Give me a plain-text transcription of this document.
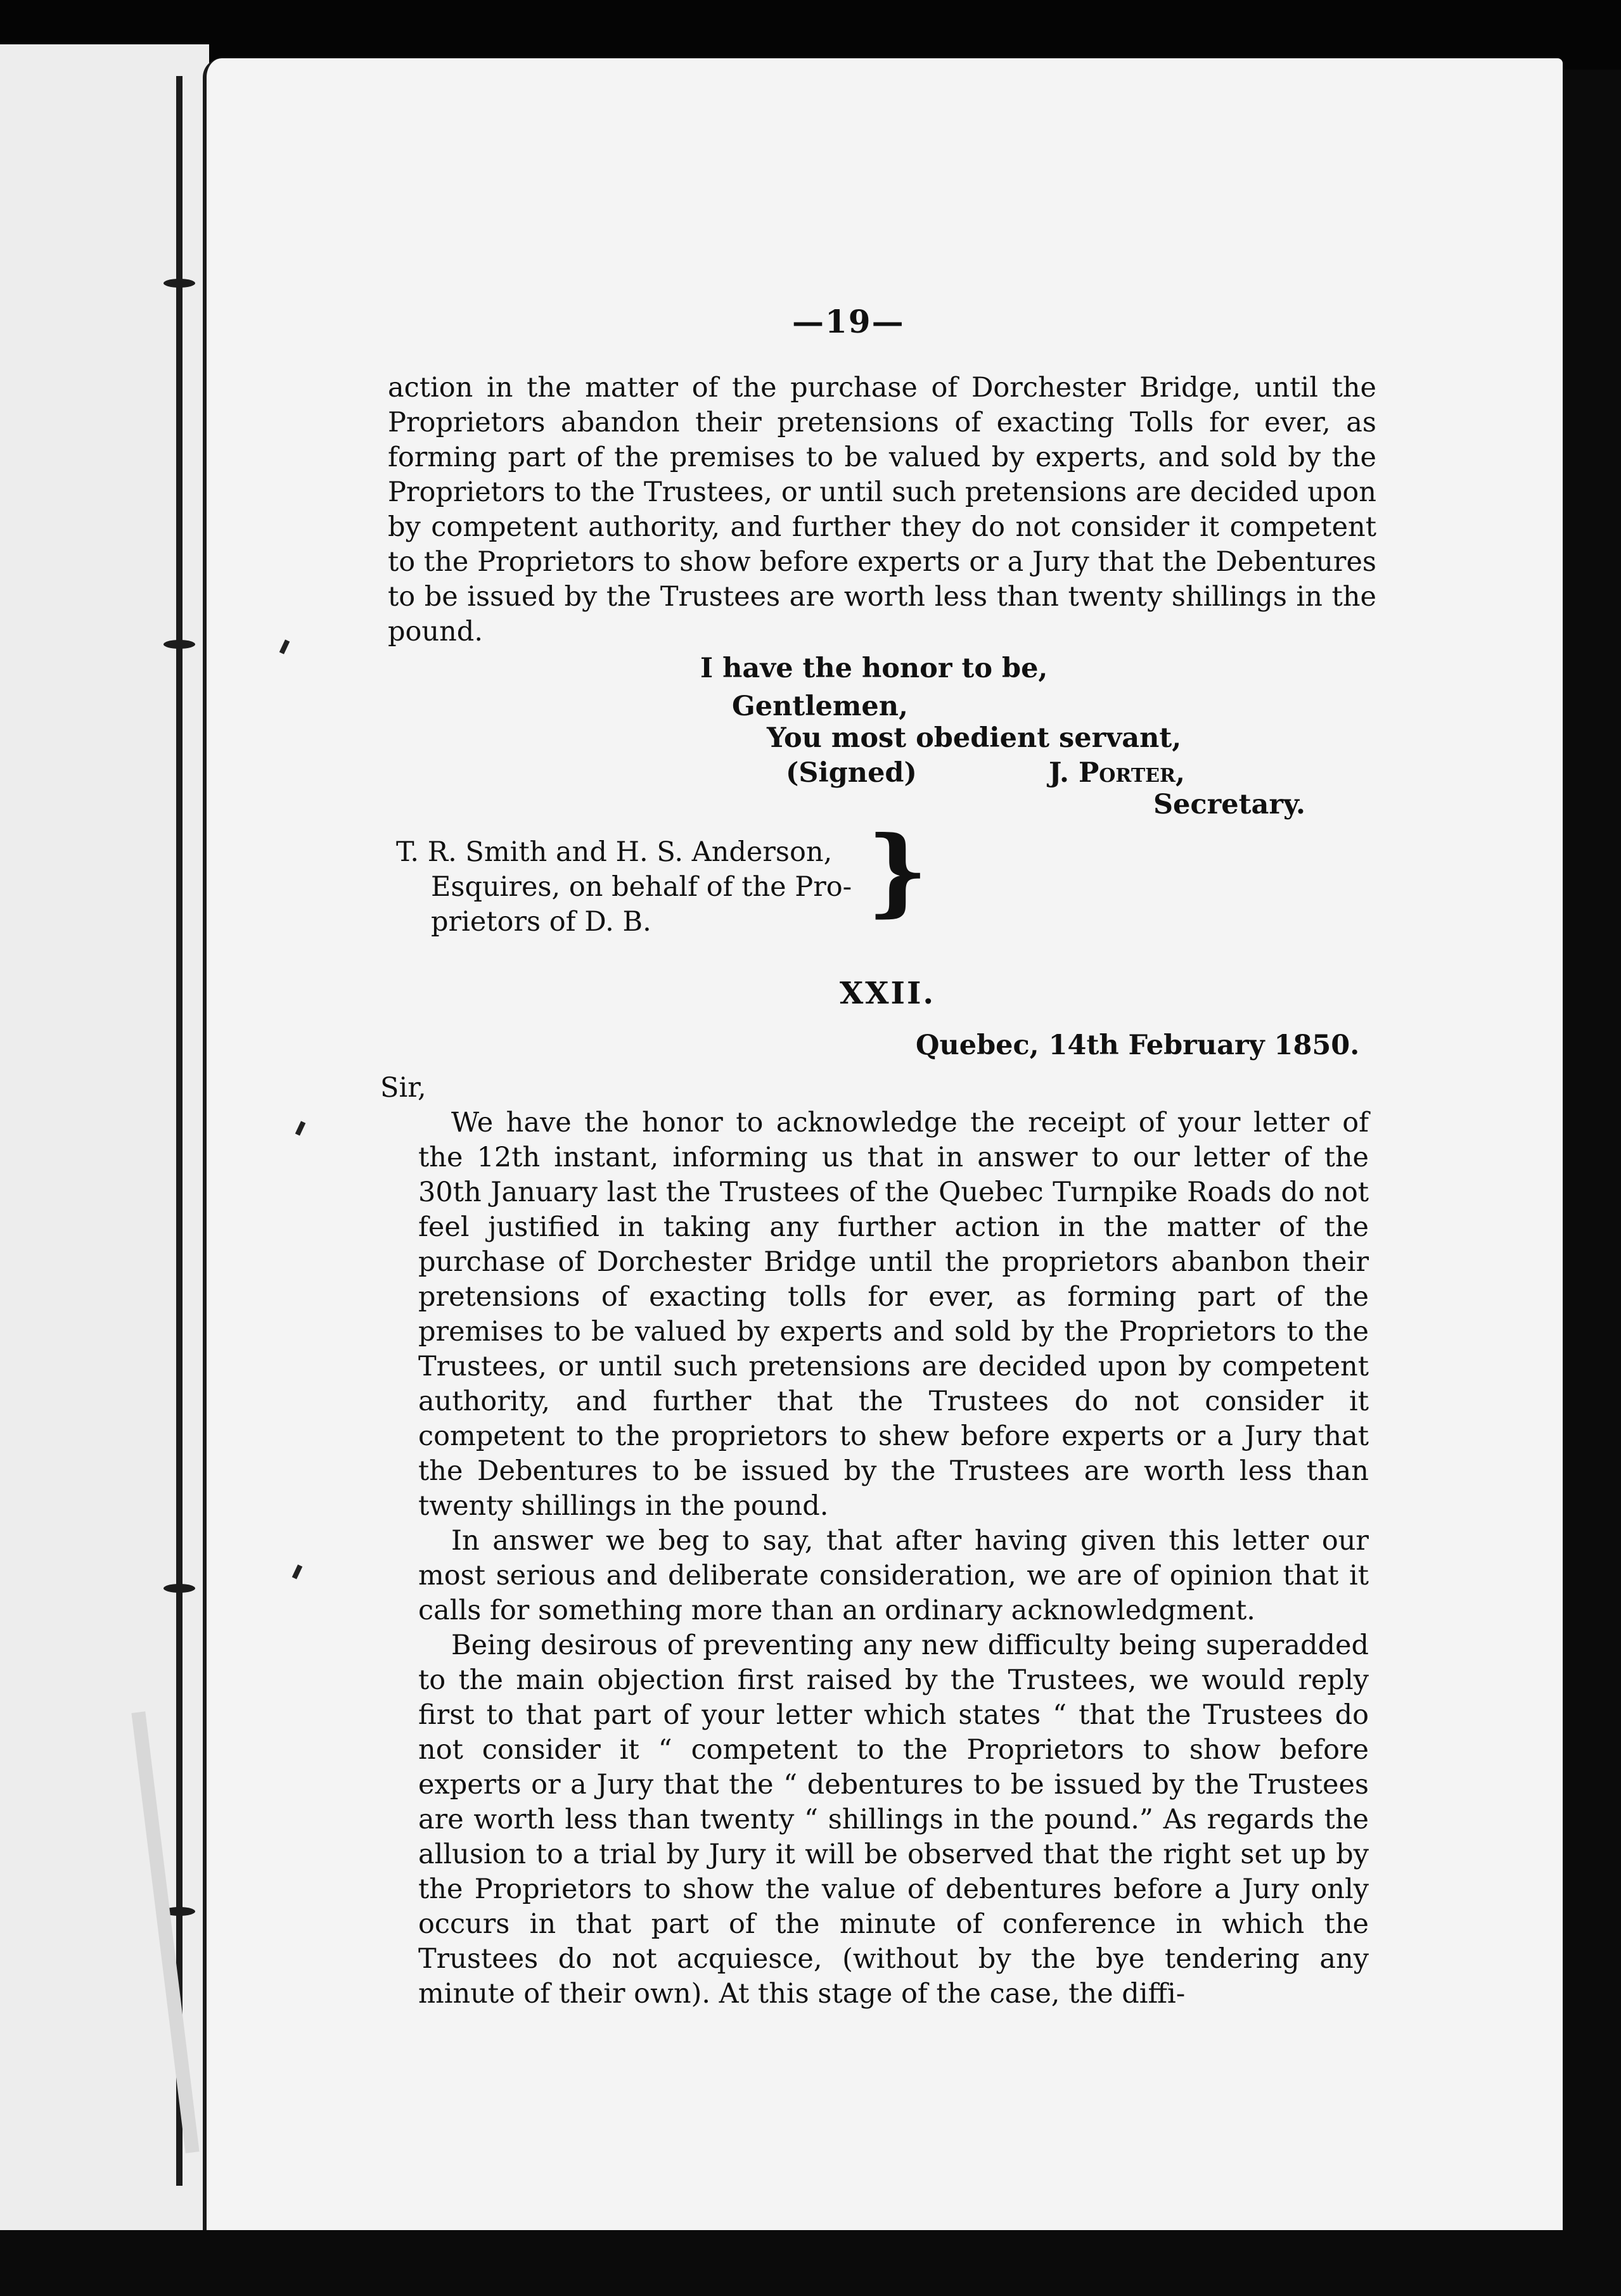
—19—

action in the matter of the purchase of Dorchester Bridge, until the Proprietors abandon their pretensions of exacting Tolls for ever, as forming part of the premises to be valued by experts, and sold by the Proprietors to the Trustees, or until such pretensions are decided upon by competent authority, and further they do not consider it competent to the Proprietors to show before experts or a Jury that the Debentures to be issued by the Trustees are worth less than twenty shillings in the pound.

I have the honor to be,
Gentlemen,
You most obedient servant,
(Signed)	J. Porter,
Secretary.
T. R. Smith and H. S. Anderson,
Esquires, on behalf of the Pro-
prietors of D. B. }
XXII.
Quebec, 14th February 1850.

Sir,

We have the honor to acknowledge the receipt of your letter of the 12th instant, informing us that in answer to our letter of the 30th January last the Trustees of the Quebec Turnpike Roads do not feel justified in taking any further action in the matter of the purchase of Dorchester Bridge until the proprietors abanbon their pretensions of exacting tolls for ever, as forming part of the premises to be valued by experts and sold by the Proprietors to the Trustees, or until such pretensions are decided upon by competent authority, and further that the Trustees do not consider it competent to the proprietors to shew before experts or a Jury that the Debentures to be issued by the Trustees are worth less than twenty shillings in the pound.

In answer we beg to say, that after having given this letter our most serious and deliberate consideration, we are of opinion that it calls for something more than an ordinary acknowledgment.

Being desirous of preventing any new difficulty being superadded to the main objection first raised by the Trustees, we would reply first to that part of your letter which states “ that the Trustees do not consider it “ competent to the Proprietors to show before experts or a Jury that the “ debentures to be issued by the Trustees are worth less than twenty “ shillings in the pound.” As regards the allusion to a trial by Jury it will be observed that the right set up by the Proprietors to show the value of debentures before a Jury only occurs in that part of the minute of conference in which the Trustees do not acquiesce, (without by the bye tendering any minute of their own). At this stage of the case, the diffi-
